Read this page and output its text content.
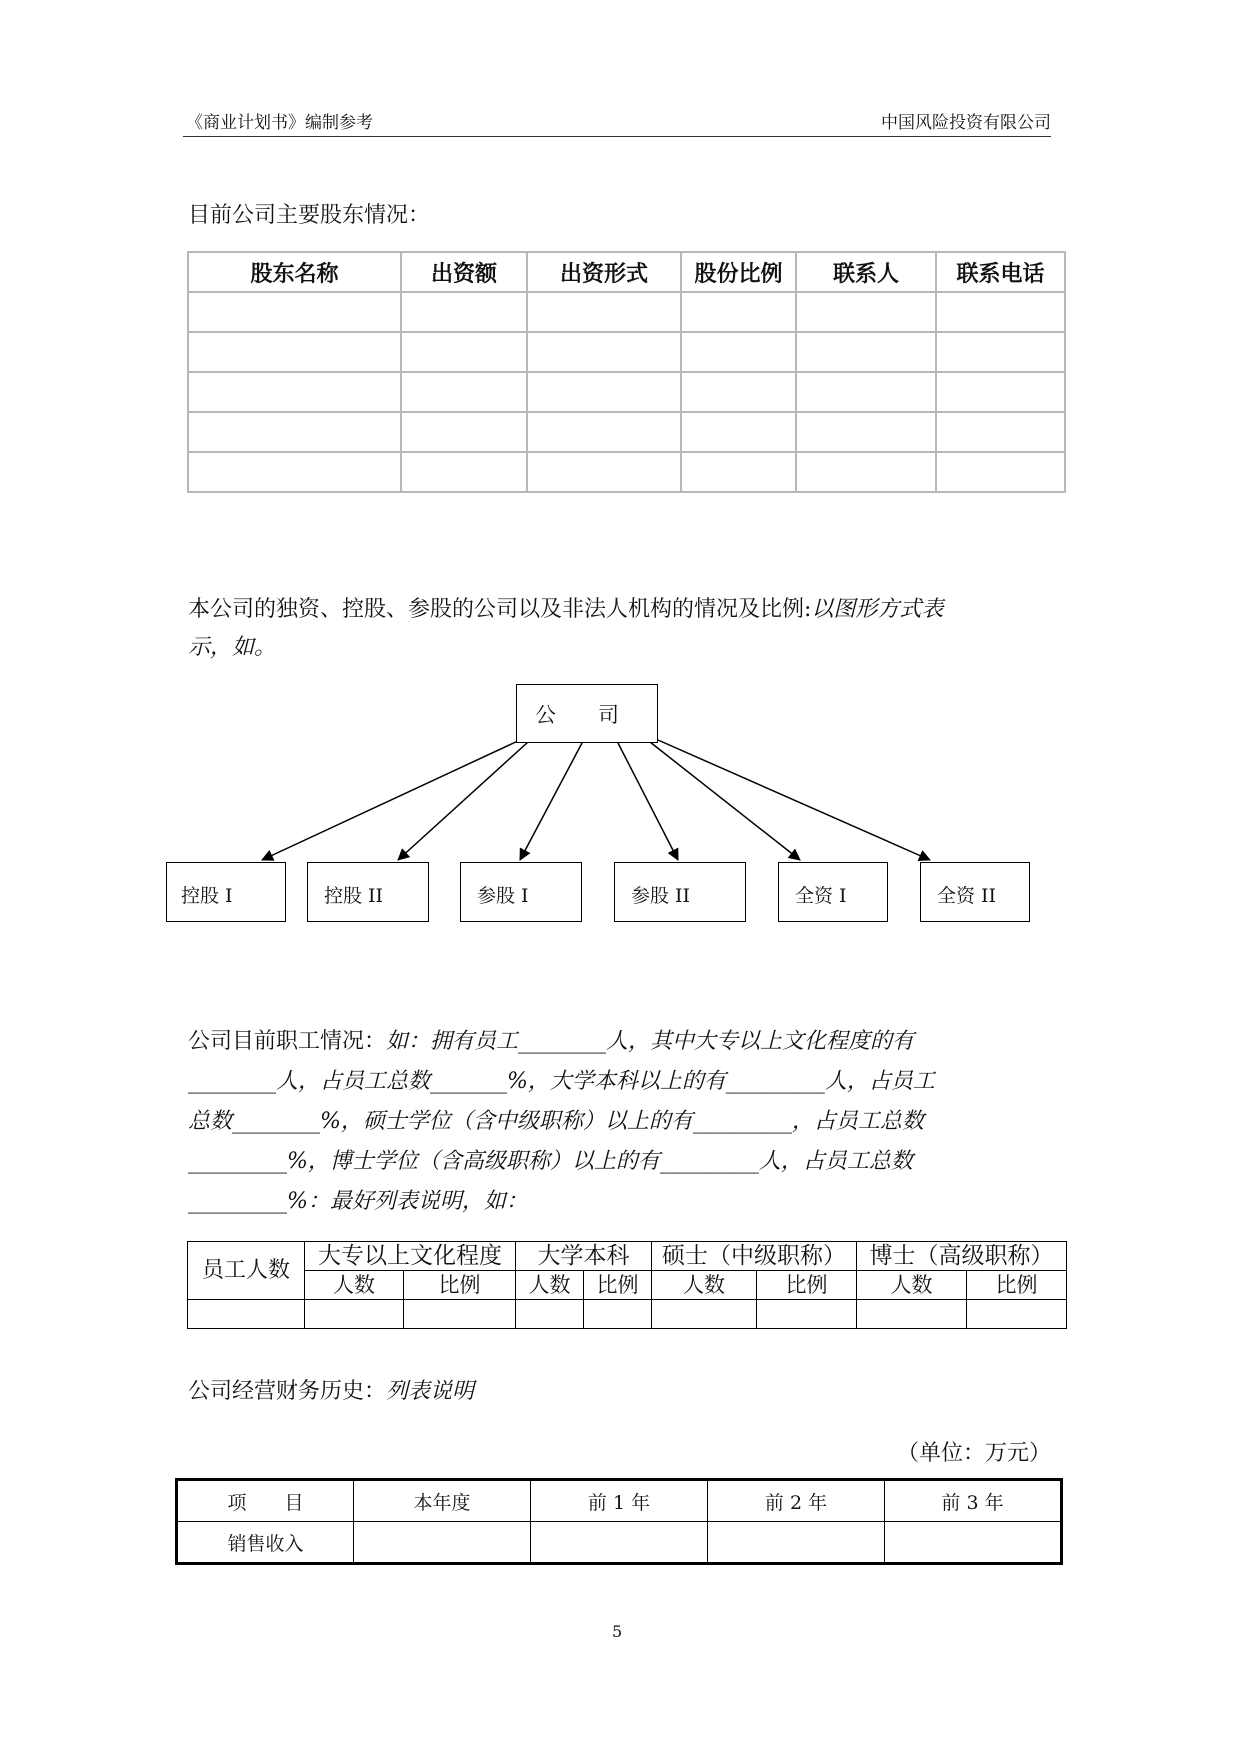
《商业计划书》编制参考	中国风险投资有限公司
目前公司主要股东情况：
股东名称	出资额	出资形式	股份比例	联系人	联系电话

本公司的独资、控股、参股的公司以及非法人机构的情况及比例:以图形方式表
示，如。
公　　司
控股 I	控股 II	参股 I	参股 II	全资 I	全资 II
公司目前职工情况：如：拥有员工________人，其中大专以上文化程度的有
________人，占员工总数_______%，大学本科以上的有_________人，占员工
总数________%，硕士学位（含中级职称）以上的有_________，占员工总数
_________%，博士学位（含高级职称）以上的有_________人，占员工总数
_________%：最好列表说明，如：
员工人数	大专以上文化程度		大学本科		硕士（中级职称）		博士（高级职称）	
	人数	比例	人数	比例	人数	比例	人数	比例

公司经营财务历史：列表说明
（单位：万元）
项　　目	本年度	前 1 年	前 2 年	前 3 年
销售收入				
5
